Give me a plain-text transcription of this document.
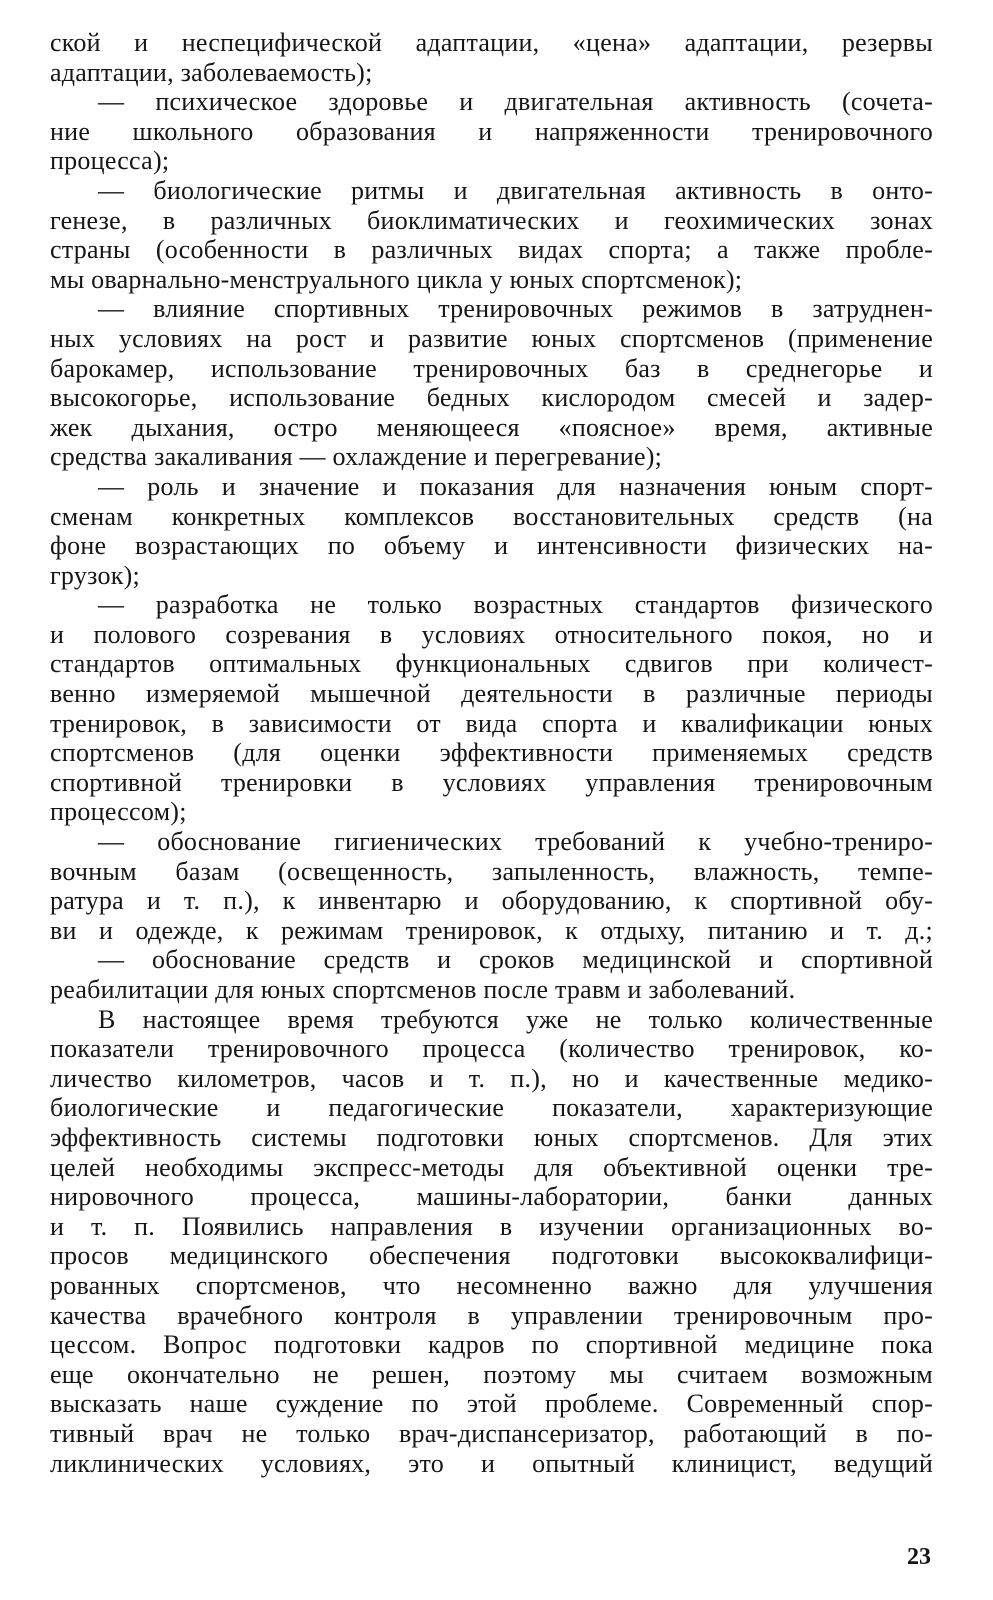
ской и неспецифической адаптации, «цена» адаптации, резервы
адаптации, заболеваемость);
— психическое здоровье и двигательная активность (сочета-
ние школьного образования и напряженности тренировочного
процесса);
— биологические ритмы и двигательная активность в онто-
генезе, в различных биоклиматических и геохимических зонах
страны (особенности в различных видах спорта; а также пробле-
мы оварнально-менструального цикла у юных спортсменок);
— влияние спортивных тренировочных режимов в затруднен-
ных условиях на рост и развитие юных спортсменов (применение
барокамер, использование тренировочных баз в среднегорье и
высокогорье, использование бедных кислородом смесей и задер-
жек дыхания, остро меняющееся «поясное» время, активные
средства закаливания — охлаждение и перегревание);
— роль и значение и показания для назначения юным спорт-
сменам конкретных комплексов восстановительных средств (на
фоне возрастающих по объему и интенсивности физических на-
грузок);
— разработка не только возрастных стандартов физического
и полового созревания в условиях относительного покоя, но и
стандартов оптимальных функциональных сдвигов при количест-
венно измеряемой мышечной деятельности в различные периоды
тренировок, в зависимости от вида спорта и квалификации юных
спортсменов (для оценки эффективности применяемых средств
спортивной тренировки в условиях управления тренировочным
процессом);
— обоснование гигиенических требований к учебно-трениро-
вочным базам (освещенность, запыленность, влажность, темпе-
ратура и т. п.), к инвентарю и оборудованию, к спортивной обу-
ви и одежде, к режимам тренировок, к отдыху, питанию и т. д.;
— обоснование средств и сроков медицинской и спортивной
реабилитации для юных спортсменов после травм и заболеваний.
В настоящее время требуются уже не только количественные
показатели тренировочного процесса (количество тренировок, ко-
личество километров, часов и т. п.), но и качественные медико-
биологические и педагогические показатели, характеризующие
эффективность системы подготовки юных спортсменов. Для этих
целей необходимы экспресс-методы для объективной оценки тре-
нировочного процесса, машины-лаборатории, банки данных
и т. п. Появились направления в изучении организационных во-
просов медицинского обеспечения подготовки высококвалифици-
рованных спортсменов, что несомненно важно для улучшения
качества врачебного контроля в управлении тренировочным про-
цессом. Вопрос подготовки кадров по спортивной медицине пока
еще окончательно не решен, поэтому мы считаем возможным
высказать наше суждение по этой проблеме. Современный спор-
тивный врач не только врач-диспансеризатор, работающий в по-
ликлинических условиях, это и опытный клиницист, ведущий
23
